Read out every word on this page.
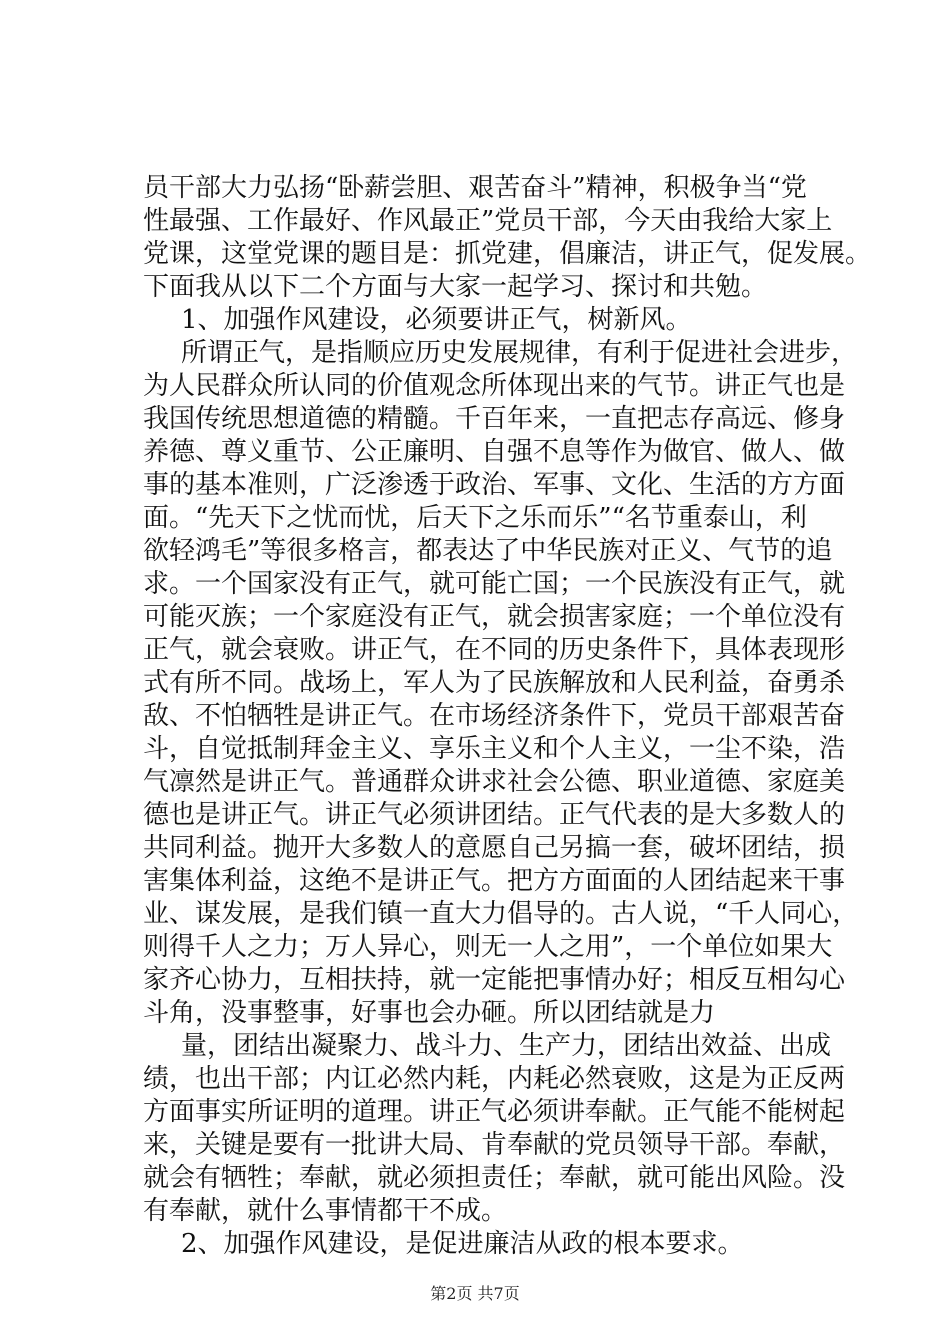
员干部大力弘扬“卧薪尝胆、艰苦奋斗”精神，积极争当“党
性最强、工作最好、作风最正”党员干部，今天由我给大家上
党课，这堂党课的题目是：抓党建，倡廉洁，讲正气，促发展。
下面我从以下二个方面与大家一起学习、探讨和共勉。
1、加强作风建设，必须要讲正气，树新风。
所谓正气，是指顺应历史发展规律，有利于促进社会进步，
为人民群众所认同的价值观念所体现出来的气节。讲正气也是
我国传统思想道德的精髓。千百年来，一直把志存高远、修身
养德、尊义重节、公正廉明、自强不息等作为做官、做人、做
事的基本准则，广泛渗透于政治、军事、文化、生活的方方面
面。“先天下之忧而忧，后天下之乐而乐”“名节重泰山，利
欲轻鸿毛”等很多格言，都表达了中华民族对正义、气节的追
求。一个国家没有正气，就可能亡国；一个民族没有正气，就
可能灭族；一个家庭没有正气，就会损害家庭；一个单位没有
正气，就会衰败。讲正气，在不同的历史条件下，具体表现形
式有所不同。战场上，军人为了民族解放和人民利益，奋勇杀
敌、不怕牺牲是讲正气。在市场经济条件下，党员干部艰苦奋
斗，自觉抵制拜金主义、享乐主义和个人主义，一尘不染，浩
气凛然是讲正气。普通群众讲求社会公德、职业道德、家庭美
德也是讲正气。讲正气必须讲团结。正气代表的是大多数人的
共同利益。抛开大多数人的意愿自己另搞一套，破坏团结，损
害集体利益，这绝不是讲正气。把方方面面的人团结起来干事
业、谋发展，是我们镇一直大力倡导的。古人说，“千人同心，
则得千人之力；万人异心，则无一人之用”，一个单位如果大
家齐心协力，互相扶持，就一定能把事情办好；相反互相勾心
斗角，没事整事，好事也会办砸。所以团结就是力
量，团结出凝聚力、战斗力、生产力，团结出效益、出成
绩，也出干部；内讧必然内耗，内耗必然衰败，这是为正反两
方面事实所证明的道理。讲正气必须讲奉献。正气能不能树起
来，关键是要有一批讲大局、肯奉献的党员领导干部。奉献，
就会有牺牲；奉献，就必须担责任；奉献，就可能出风险。没
有奉献，就什么事情都干不成。
2、加强作风建设，是促进廉洁从政的根本要求。
第2页 共7页
